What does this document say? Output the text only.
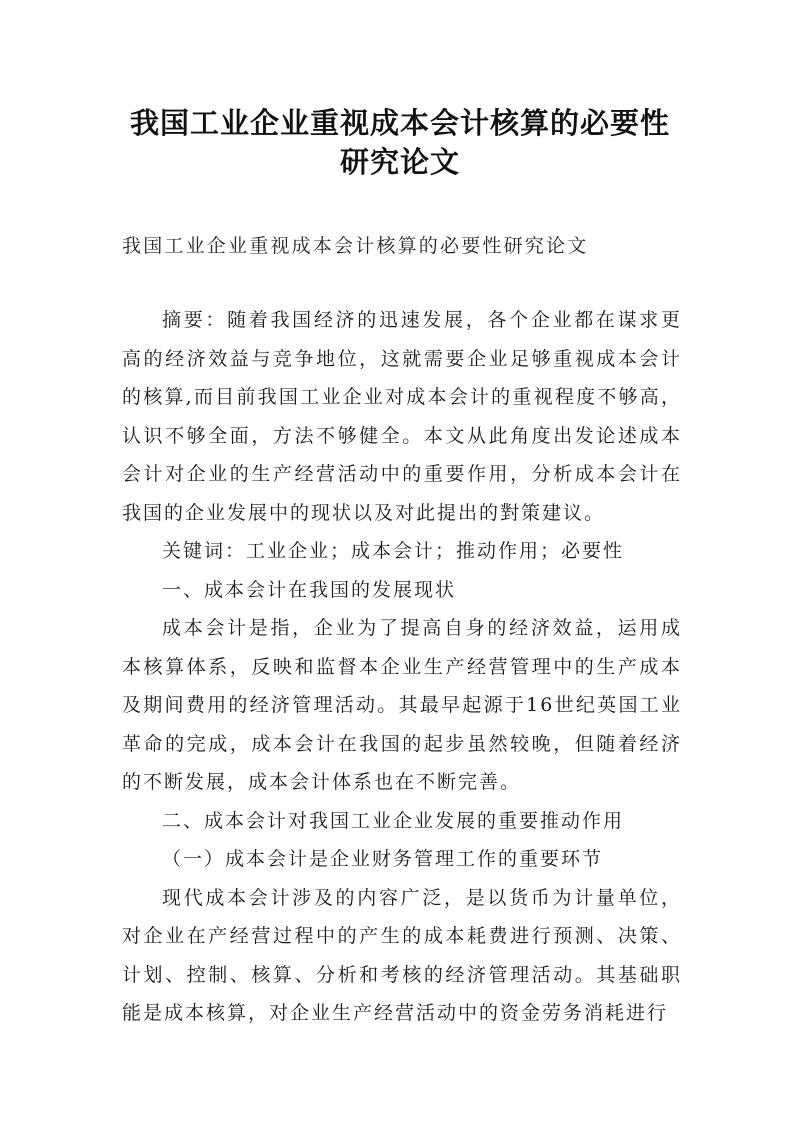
我国工业企业重视成本会计核算的必要性
研究论文
我国工业企业重视成本会计核算的必要性研究论文

摘要：随着我国经济的迅速发展，各个企业都在谋求更高的经济效益与竞争地位，这就需要企业足够重视成本会计的核算,而目前我国工业企业对成本会计的重视程度不够高，认识不够全面，方法不够健全。本文从此角度出发论述成本会计对企业的生产经营活动中的重要作用，分析成本会计在我国的企业发展中的现状以及对此提出的對策建议。

关键词：工业企业；成本会计；推动作用；必要性

一、成本会计在我国的发展现状

成本会计是指，企业为了提高自身的经济效益，运用成本核算体系，反映和监督本企业生产经营管理中的生产成本及期间费用的经济管理活动。其最早起源于16世纪英国工业革命的完成，成本会计在我国的起步虽然较晚，但随着经济的不断发展，成本会计体系也在不断完善。

二、成本会计对我国工业企业发展的重要推动作用

（一）成本会计是企业财务管理工作的重要环节

现代成本会计涉及的内容广泛，是以货币为计量单位，对企业在产经营过程中的产生的成本耗费进行预测、决策、计划、控制、核算、分析和考核的经济管理活动。其基础职能是成本核算，对企业生产经营活动中的资金劳务消耗进行
